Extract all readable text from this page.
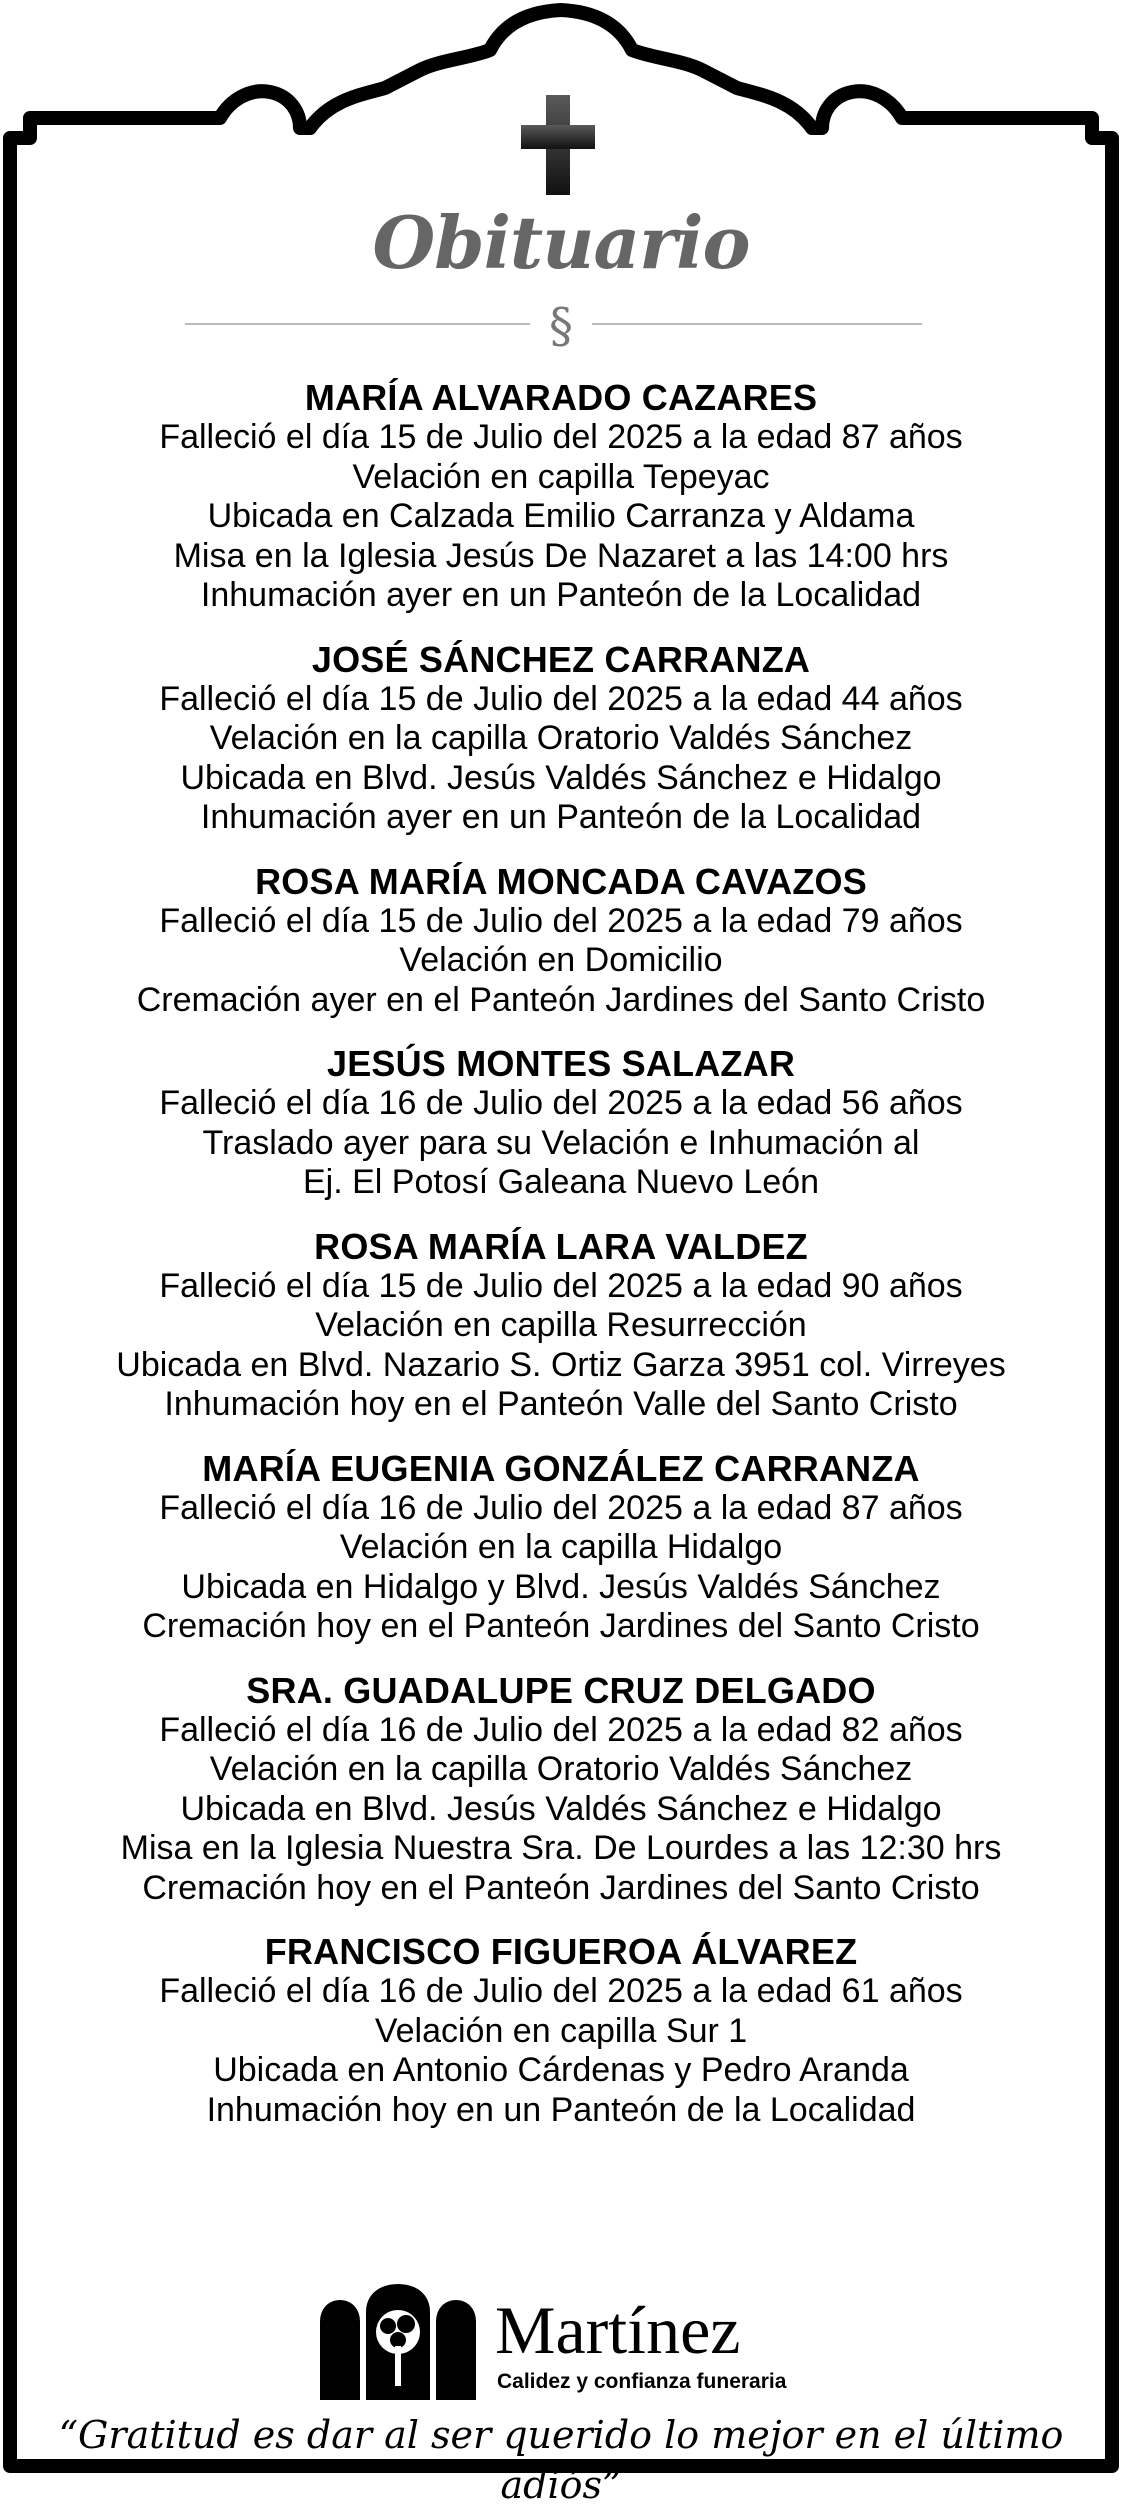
Obituario
§
MARÍA ALVARADO CAZARES
Falleció el día 15 de Julio del 2025 a la edad 87 años
Velación en capilla Tepeyac
Ubicada en Calzada Emilio Carranza y Aldama
Misa en la Iglesia Jesús De Nazaret a las 14:00 hrs
Inhumación ayer en un Panteón de la Localidad
JOSÉ SÁNCHEZ CARRANZA
Falleció el día 15 de Julio del 2025 a la edad 44 años
Velación en la capilla Oratorio Valdés Sánchez
Ubicada en Blvd. Jesús Valdés Sánchez e Hidalgo
Inhumación ayer en un Panteón de la Localidad
ROSA MARÍA MONCADA CAVAZOS
Falleció el día 15 de Julio del 2025 a la edad 79 años
Velación en Domicilio
Cremación ayer en el Panteón Jardines del Santo Cristo
JESÚS MONTES SALAZAR
Falleció el día 16 de Julio del 2025 a la edad 56 años
Traslado ayer para su Velación e Inhumación al
Ej. El Potosí Galeana Nuevo León
ROSA MARÍA LARA VALDEZ
Falleció el día 15 de Julio del 2025 a la edad 90 años
Velación en capilla Resurrección
Ubicada en Blvd. Nazario S. Ortiz Garza 3951 col. Virreyes
Inhumación hoy en el Panteón Valle del Santo Cristo
MARÍA EUGENIA GONZÁLEZ CARRANZA
Falleció el día 16 de Julio del 2025 a la edad 87 años
Velación en la capilla Hidalgo
Ubicada en Hidalgo y Blvd. Jesús Valdés Sánchez
Cremación hoy en el Panteón Jardines del Santo Cristo
SRA. GUADALUPE CRUZ DELGADO
Falleció el día 16 de Julio del 2025 a la edad 82 años
Velación en la capilla Oratorio Valdés Sánchez
Ubicada en Blvd. Jesús Valdés Sánchez e Hidalgo
Misa en la Iglesia Nuestra Sra. De Lourdes a las 12:30 hrs
Cremación hoy en el Panteón Jardines del Santo Cristo
FRANCISCO FIGUEROA ÁLVAREZ
Falleció el día 16 de Julio del 2025 a la edad 61 años
Velación en capilla Sur 1
Ubicada en Antonio Cárdenas y Pedro Aranda
Inhumación hoy en un Panteón de la Localidad
Martínez
Calidez y confianza funeraria
“Gratitud es dar al ser querido lo mejor en el último adiós”
